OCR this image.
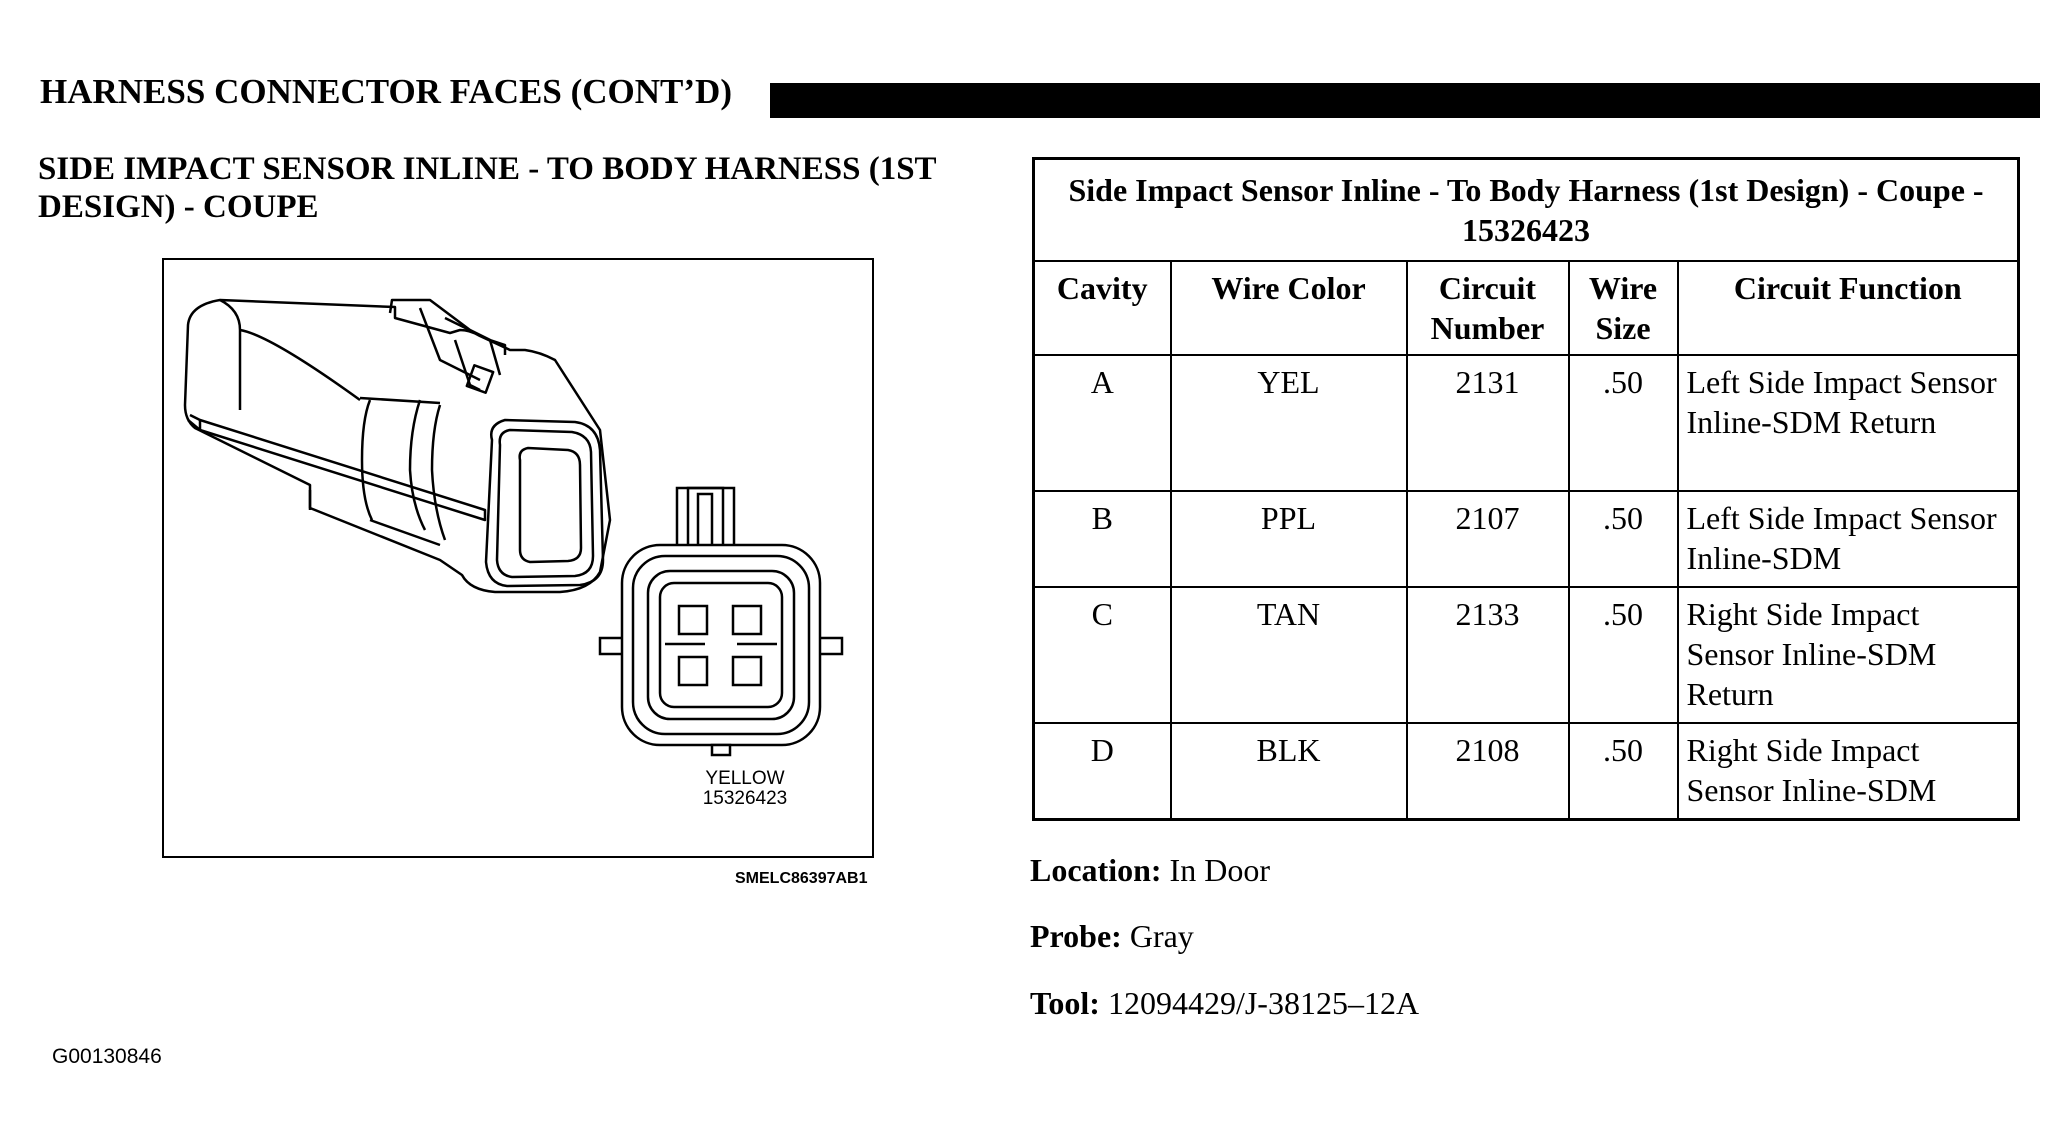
HARNESS CONNECTOR FACES (CONT’D)
SIDE IMPACT SENSOR INLINE - TO BODY HARNESS (1ST DESIGN) - COUPE
YELLOW
15326423
SMELC86397AB1
Side Impact Sensor Inline - To Body Harness (1st Design) - Coupe - 15326423				
Cavity	Wire Color	Circuit Number	Wire Size	Circuit Function
A	YEL	2131	.50	Left Side Impact Sensor Inline-SDM Return
B	PPL	2107	.50	Left Side Impact Sensor Inline-SDM
C	TAN	2133	.50	Right Side Impact Sensor Inline-SDM Return
D	BLK	2108	.50	Right Side Impact Sensor Inline-SDM
Location: In Door
Probe: Gray
Tool: 12094429/J-38125–12A
G00130846
